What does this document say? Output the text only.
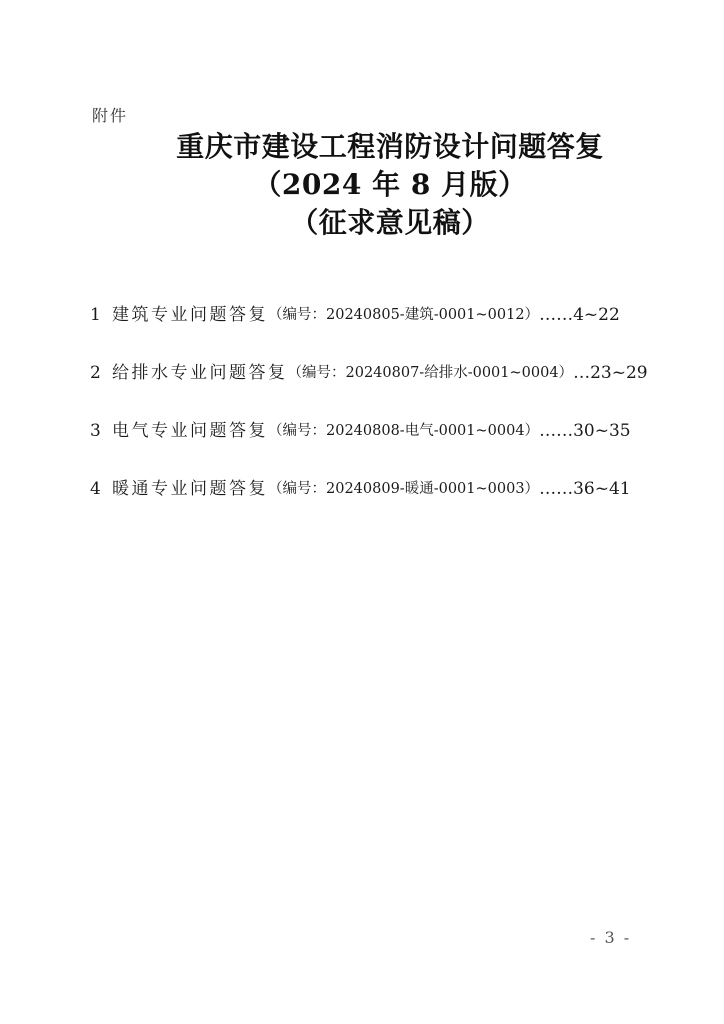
附件
重庆市建设工程消防设计问题答复
（2024 年 8 月版）
（征求意见稿）
1 建筑专业问题答复 （编号：20240805-建筑-0001~0012） ……4~22
2 给排水专业问题答复 （编号：20240807-给排水-0001~0004） …23~29
3 电气专业问题答复 （编号：20240808-电气-0001~0004） ……30~35
4 暖通专业问题答复 （编号：20240809-暖通-0001~0003） ……36~41
- 3 -
